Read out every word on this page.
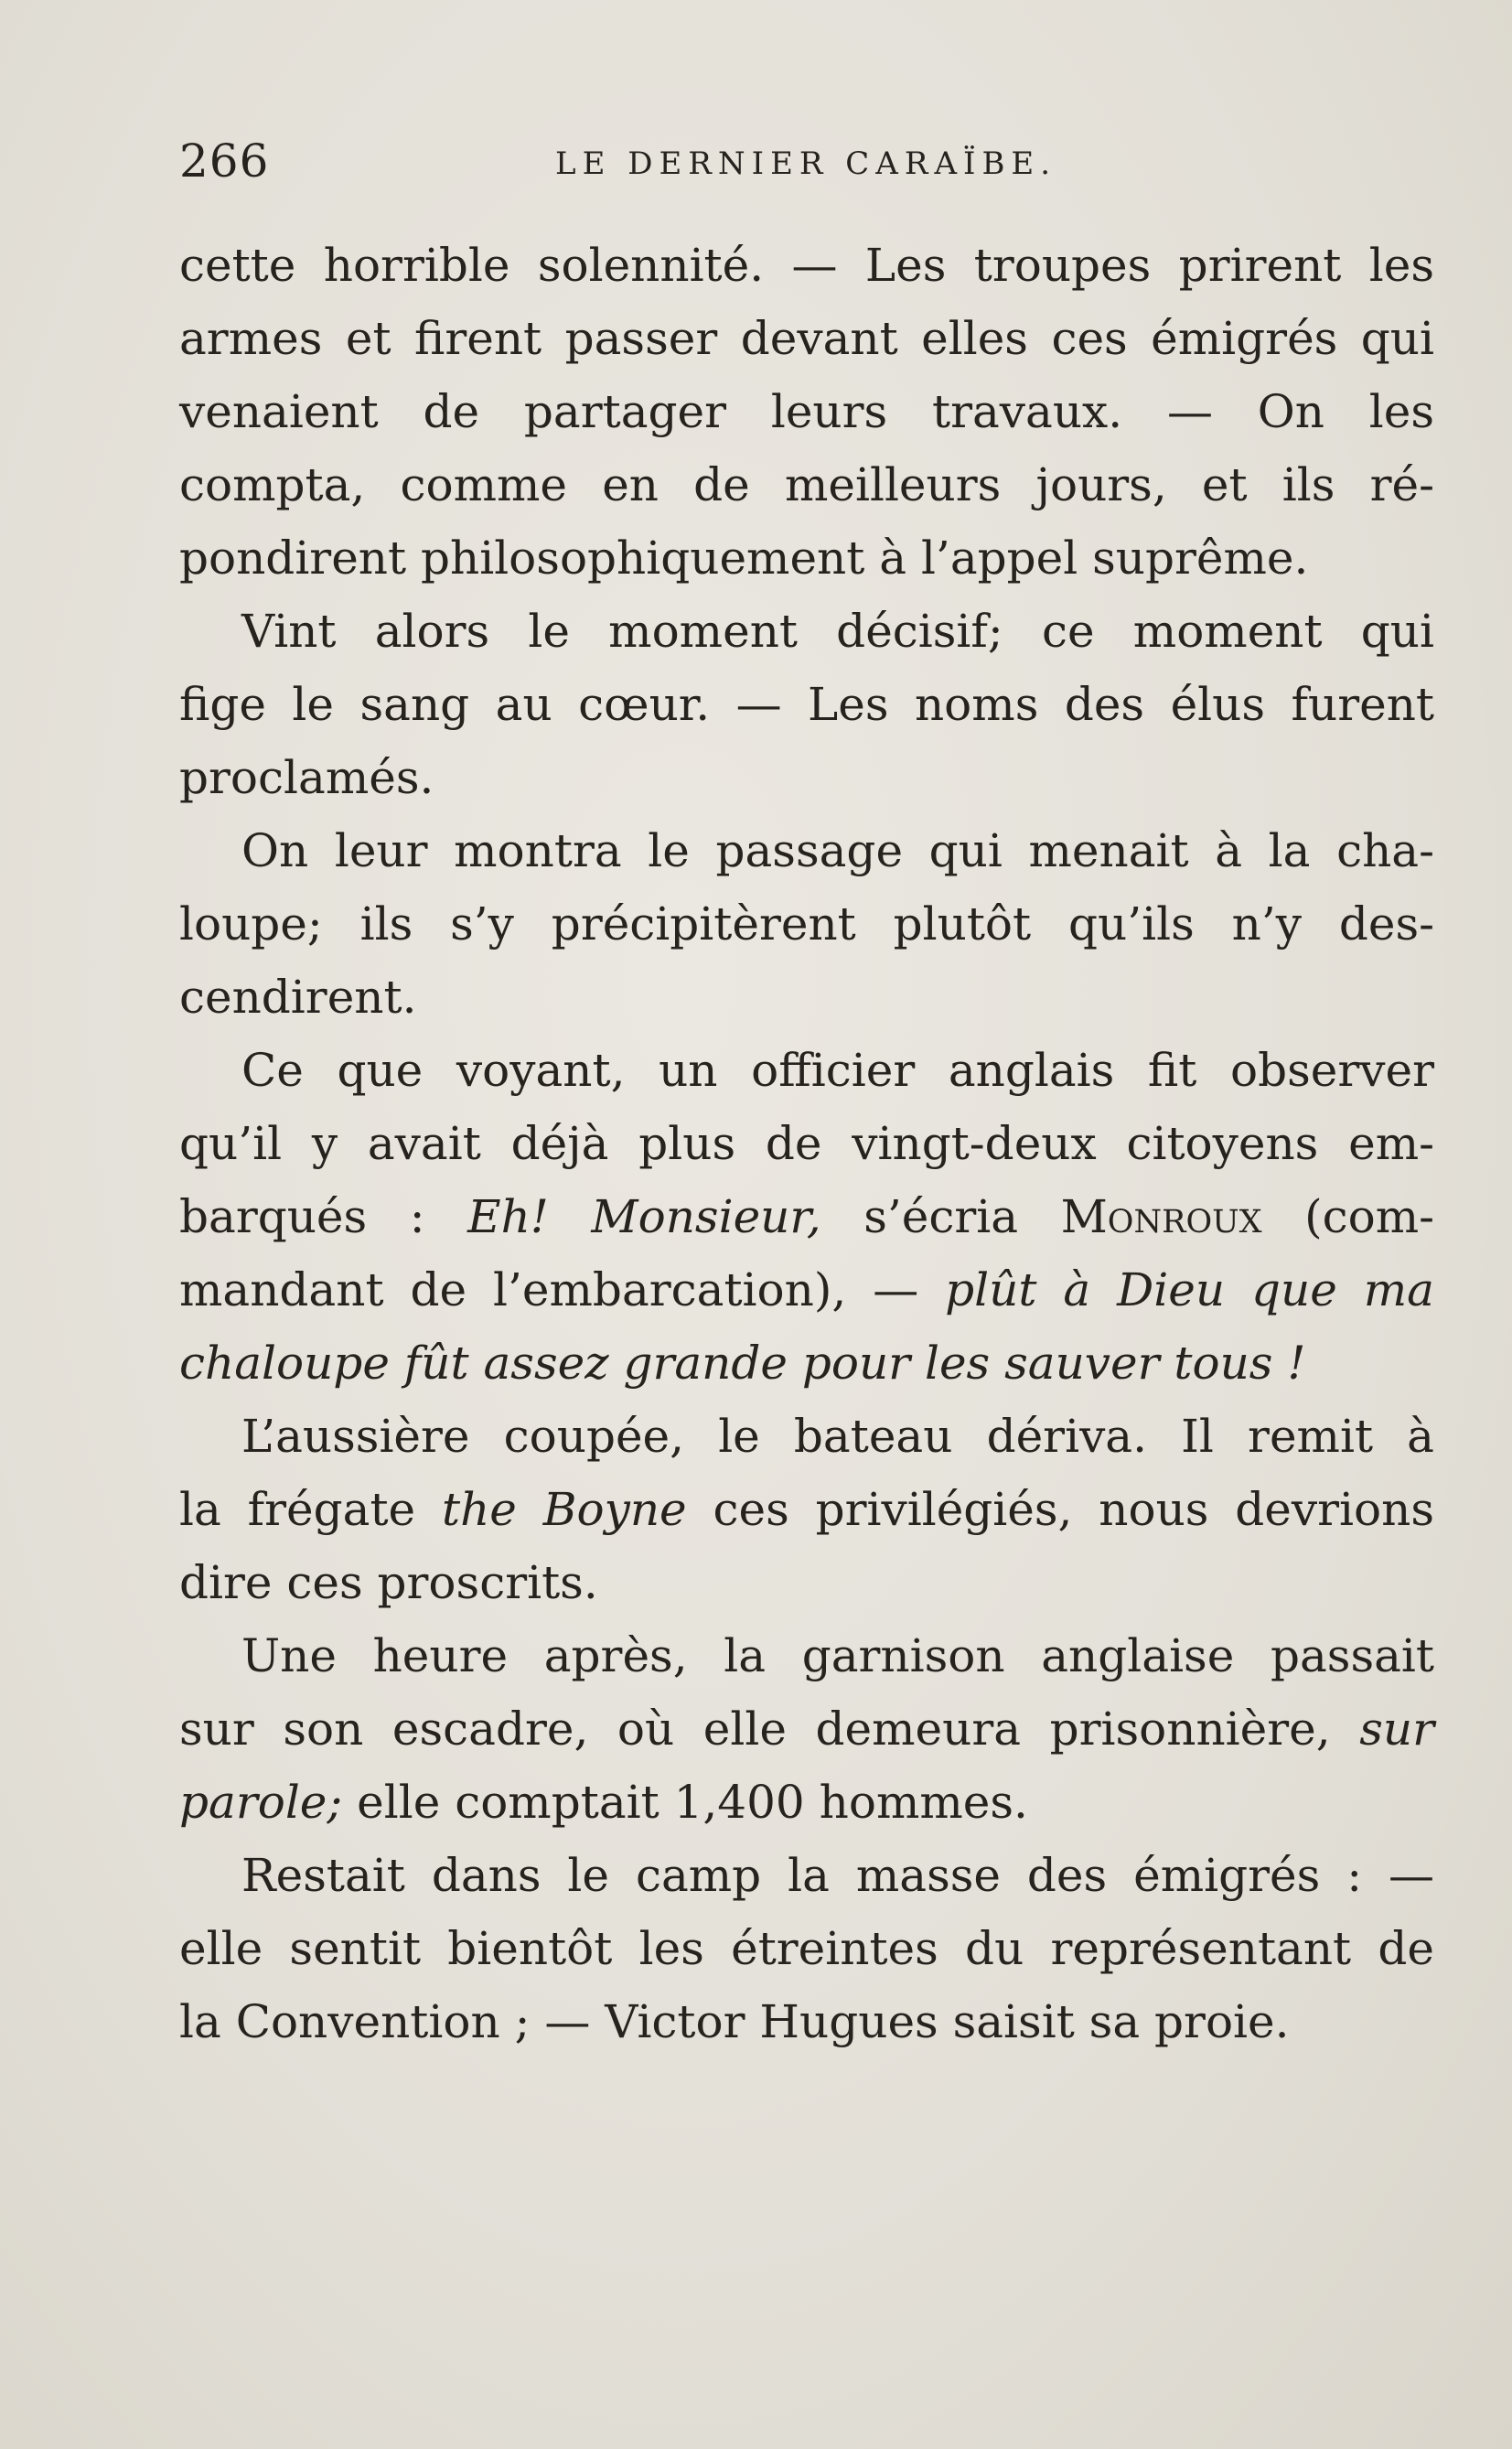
266	LE DERNIER CARAÏBE.
cette horrible solennité. — Les troupes prirent les
armes et firent passer devant elles ces émigrés qui
venaient de partager leurs travaux. — On les
compta, comme en de meilleurs jours, et ils ré-
pondirent philosophiquement à l’appel suprême.
Vint alors le moment décisif; ce moment qui
fige le sang au cœur. — Les noms des élus furent
proclamés.
On leur montra le passage qui menait à la cha-
loupe; ils s’y précipitèrent plutôt qu’ils n’y des-
cendirent.
Ce que voyant, un officier anglais fit observer
qu’il y avait déjà plus de vingt-deux citoyens em-
barqués : Eh! Monsieur, s’écria Monroux (com-
mandant de l’embarcation), — plût à Dieu que ma
chaloupe fût assez grande pour les sauver tous !
L’aussière coupée, le bateau dériva. Il remit à
la frégate the Boyne ces privilégiés, nous devrions
dire ces proscrits.
Une heure après, la garnison anglaise passait
sur son escadre, où elle demeura prisonnière, sur
parole; elle comptait 1,400 hommes.
Restait dans le camp la masse des émigrés : —
elle sentit bientôt les étreintes du représentant de
la Convention ; — Victor Hugues saisit sa proie.
